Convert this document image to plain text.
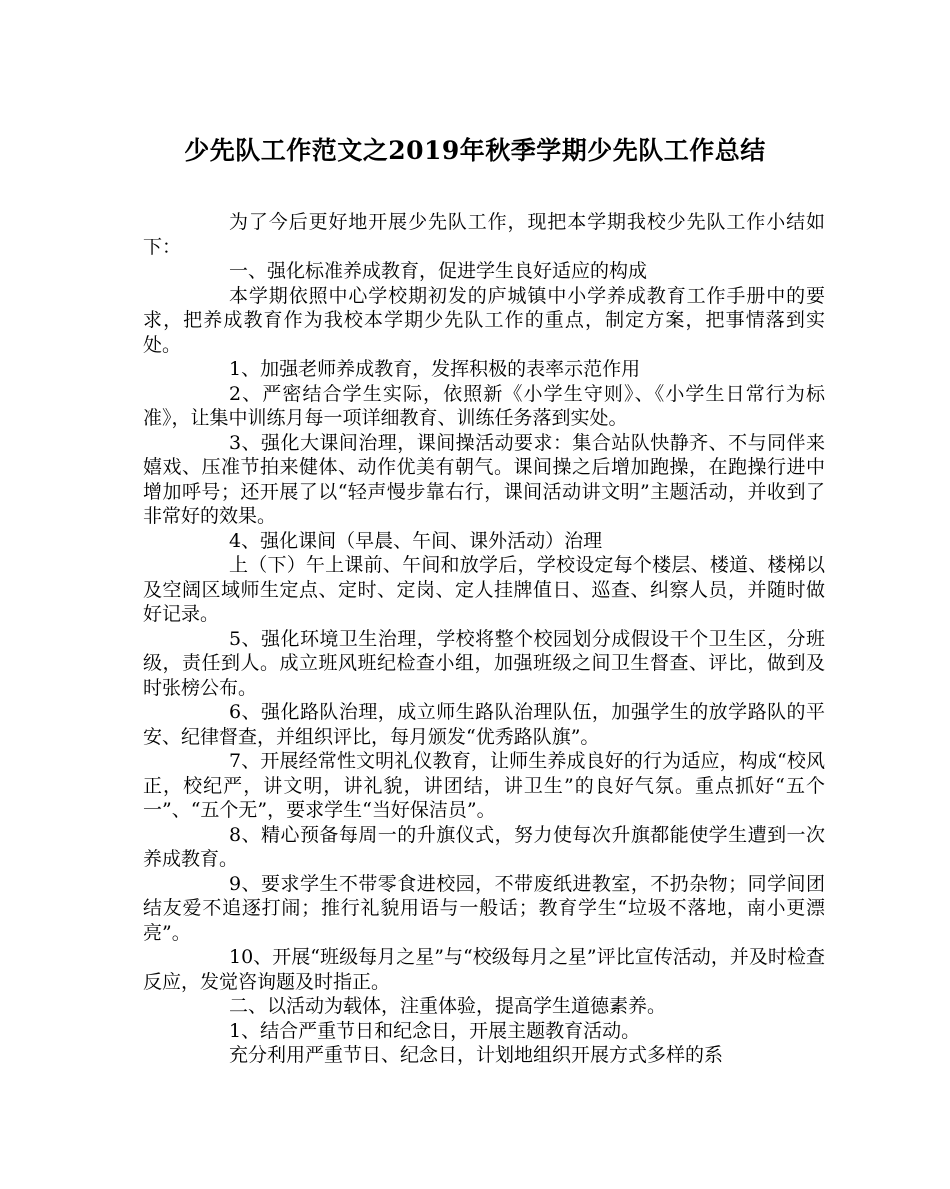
少先队工作范文之2019年秋季学期少先队工作总结

为了今后更好地开展少先队工作，现把本学期我校少先队工作小结如下：

一、强化标准养成教育，促进学生良好适应的构成

本学期依照中心学校期初发的庐城镇中小学养成教育工作手册中的要求，把养成教育作为我校本学期少先队工作的重点，制定方案，把事情落到实处。

1、加强老师养成教育，发挥积极的表率示范作用

2、严密结合学生实际，依照新《小学生守则》、《小学生日常行为标准》，让集中训练月每一项详细教育、训练任务落到实处。

3、强化大课间治理，课间操活动要求：集合站队快静齐、不与同伴来嬉戏、压准节拍来健体、动作优美有朝气。课间操之后增加跑操，在跑操行进中增加呼号；还开展了以“轻声慢步靠右行，课间活动讲文明”主题活动，并收到了非常好的效果。

4、强化课间（早晨、午间、课外活动）治理

上（下）午上课前、午间和放学后，学校设定每个楼层、楼道、楼梯以及空阔区域师生定点、定时、定岗、定人挂牌值日、巡查、纠察人员，并随时做好记录。

5、强化环境卫生治理，学校将整个校园划分成假设干个卫生区，分班级，责任到人。成立班风班纪检查小组，加强班级之间卫生督查、评比，做到及时张榜公布。

6、强化路队治理，成立师生路队治理队伍，加强学生的放学路队的平安、纪律督查，并组织评比，每月颁发“优秀路队旗”。

7、开展经常性文明礼仪教育，让师生养成良好的行为适应，构成“校风正，校纪严，讲文明，讲礼貌，讲团结，讲卫生”的良好气氛。重点抓好“五个一”、“五个无”，要求学生“当好保洁员”。

8、精心预备每周一的升旗仪式，努力使每次升旗都能使学生遭到一次养成教育。

9、要求学生不带零食进校园，不带废纸进教室，不扔杂物；同学间团结友爱不追逐打闹；推行礼貌用语与一般话；教育学生“垃圾不落地，南小更漂亮”。

10、开展“班级每月之星”与“校级每月之星”评比宣传活动，并及时检查反应，发觉咨询题及时指正。

二、以活动为载体，注重体验，提高学生道德素养。

1、结合严重节日和纪念日，开展主题教育活动。

充分利用严重节日、纪念日，计划地组织开展方式多样的系
